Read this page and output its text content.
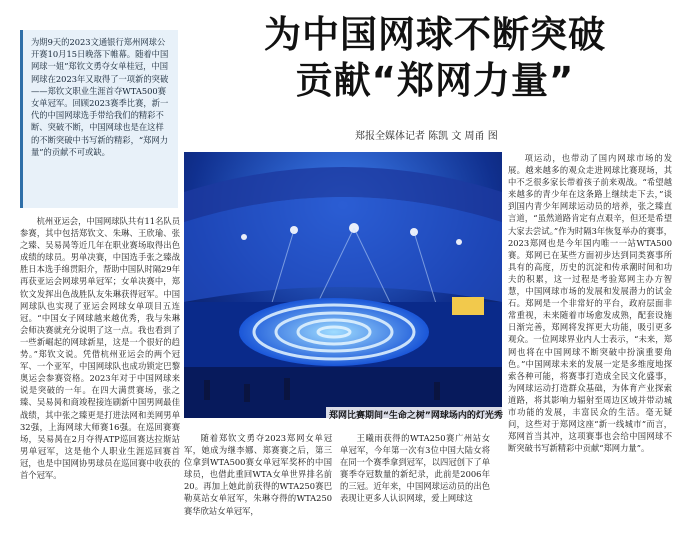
为期9天的2023文通银行郑州网球公开赛10月15日晚落下帷幕。随着中国网球一姐”郑钦文勇夺女单桂冠，中国网球在2023年又取得了一项新的突破——郑钦文职业生涯首夺WTA500赛女单冠军。回顾2023赛季比赛，新一代的中国网球选手带给我们的精彩不断、突破不断，中国网球也是在这样的不断突破中书写新的精彩，“郑网力量”的贡献不可或缺。
为中国网球不断突破
贡献“郑网力量”
郑报全媒体记者 陈凯 文 周甬 图

杭州亚运会，中国网球队共有11名队员参赛，其中包括郑钦文、朱琳、王欣瑜、张之臻、吴易昺等近几年在职业赛场取得出色成绩的球员。男单决赛，中国选手张之臻战胜日本选手绵贯阳介，帮助中国队时隔29年再获亚运会网球男单冠军；女单决赛中，郑钦文发挥出色战胜队友朱琳获得冠军。中国网球队也实现了亚运会网球女单项目五连冠。“中国女子网球越来越优秀，我与朱琳会师决赛就充分说明了这一点。我也看到了一些新崛起的网球新星，这是一个很好的趋势。”郑钦文说。凭借杭州亚运会的两个冠军、一个亚军，中国网球队也成功锁定巴黎奥运会参赛资格。2023年对于中国网球来说是突破的一年。在四大满贯赛场，张之臻、吴易昺和商竣程接连刷新中国男网最佳战绩，其中张之臻更是打进法网和美网男单32强，上海网球大师赛16强。在巡回赛赛场，吴易昺在2月夺得ATP巡回赛达拉斯站男单冠军，这是他个人职业生涯巡回赛首冠，也是中国网协男球员在巡回赛中收获的首个冠军。

郑网比赛期间“生命之树”网球场内的灯光秀

随着郑钦文勇夺2023郑网女单冠军，她成为继李娜、郑赛赛之后，第三位拿到WTA500赛女单冠军奖杯的中国球员，也借此重回WTA女单世界排名前20。再加上她此前获得的WTA250赛巴勒莫站女单冠军，朱琳夺得的WTA250赛华欣站女单冠军，

王曦雨获得的WTA250赛广州站女单冠军，今年第一次有3位中国大陆女将在同一个赛季拿到冠军，以四冠创下了单赛季夺冠数量的新纪录，此前是2006年的三冠。近年来，中国网球运动员的出色表现让更多人认识网球，爱上网球这

项运动，也带动了国内网球市场的发展。越来越多的观众走进网球比赛现场，其中不乏很多家长带着孩子前来观战。“希望越来越多的青少年在这条路上继续走下去，”谈到国内青少年网球运动员的培养，张之臻直言道，“虽然道路肯定有点艰辛，但还是希望大家去尝试。”作为时隔3年恢复举办的赛事，2023郑网也是今年国内唯一一站WTA500赛。郑网已在某些方面初步达到同类赛事所具有的高度，历史的沉淀和传承潮时间和功夫的积累，这一过程是考验郑网主办方智慧，中国网球市场的发展和发展潜力的试金石。郑网是一个非常好的平台，政府层面非常重视，未来随着市场愈发成熟，配套设施日渐完善，郑网将发挥更大功能，吸引更多观众。一位网球界业内人士表示，“未来，郑网也将在中国网球不断突破中扮演重要角色。”中国网球未来的发展一定是多维度地探索各种可能，将赛事打造成全民文化盛事，为网球运动打造群众基础，为体育产业探索道路，将其影响力辐射至周边区域并带动城市功能的发展，丰富民众的生活。毫无疑问，这些对于郑网这座“新一线城市”而言，郑网首当其冲，这项赛事也会给中国网球不断突破书写新精彩中贡献“郑网力量”。
